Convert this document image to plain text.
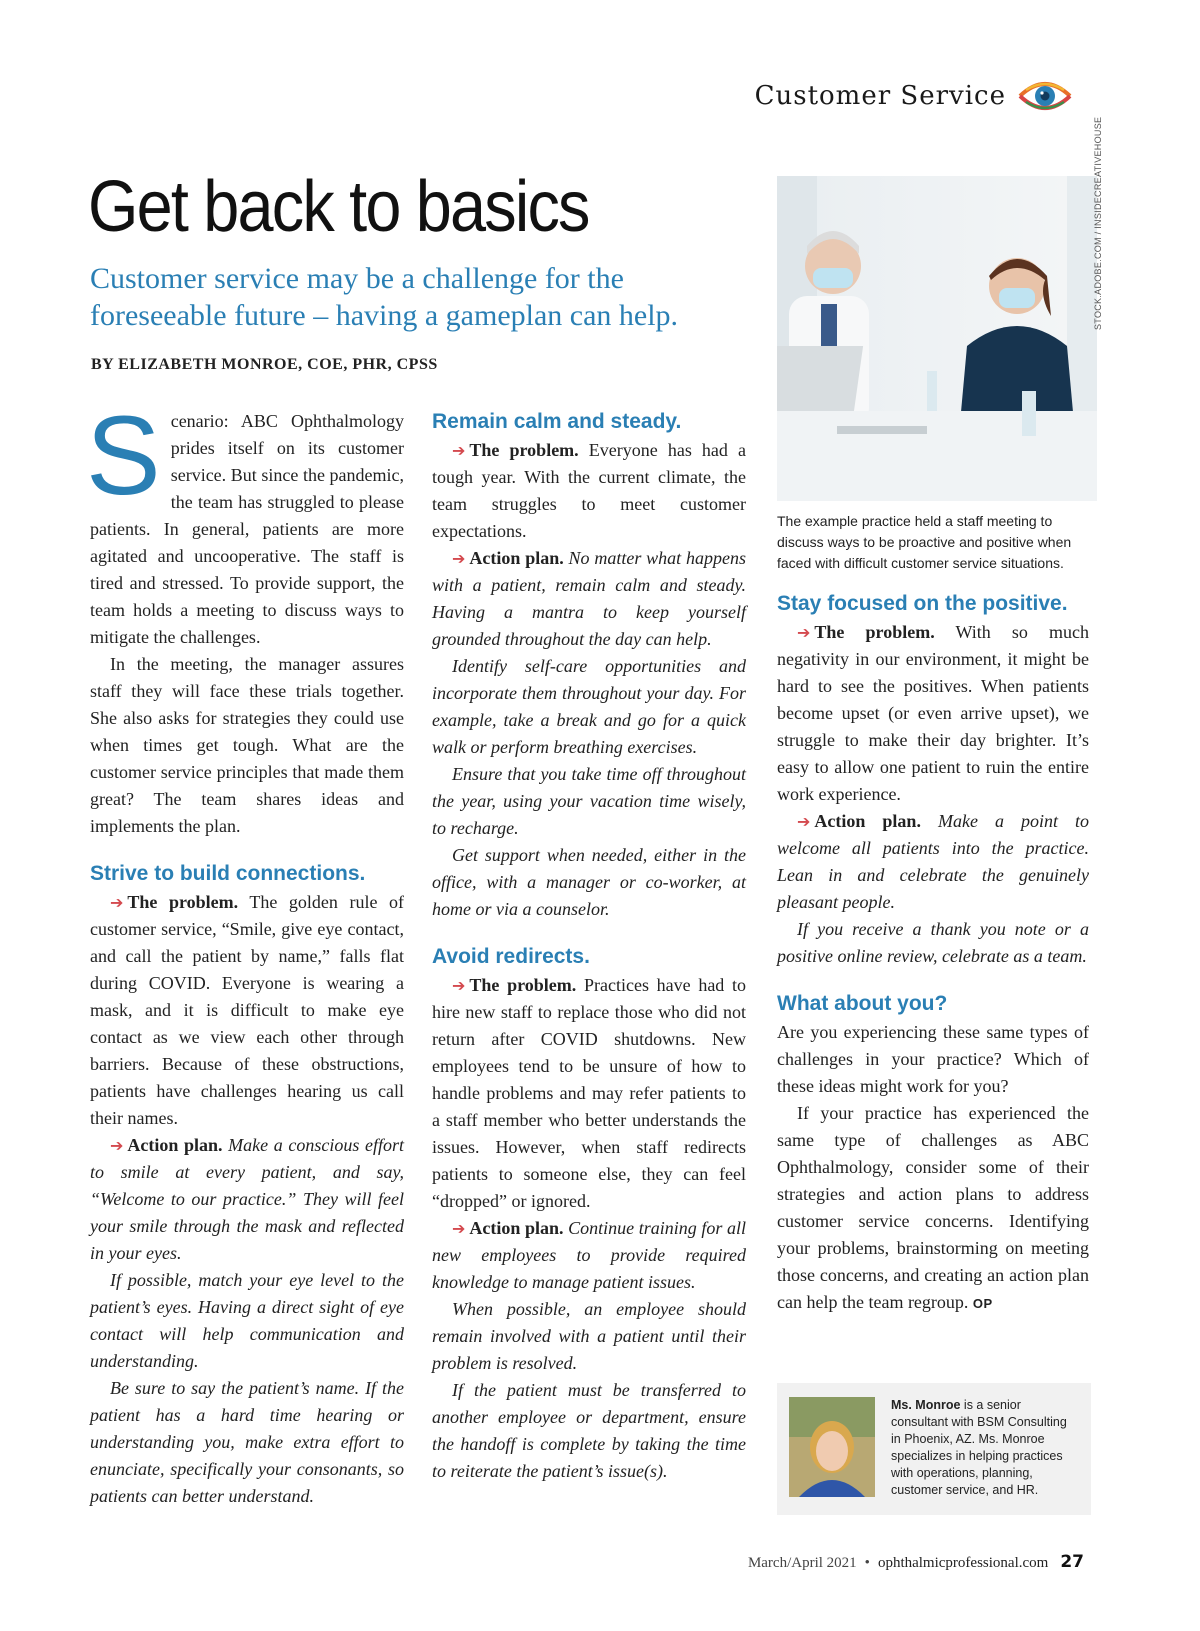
Customer Service
Get back to basics

Customer service may be a challenge for the foreseeable future – having a gameplan can help.

BY ELIZABETH MONROE, COE, PHR, CPSS

Scenario: ABC Ophthalmology prides itself on its customer service. But since the pandemic, the team has struggled to please patients. In general, patients are more agitated and uncooperative. The staff is tired and stressed. To provide support, the team holds a meeting to discuss ways to mitigate the challenges.

In the meeting, the manager assures staff they will face these trials together. She also asks for strategies they could use when times get tough. What are the customer service principles that made them great? The team shares ideas and implements the plan.

Strive to build connections.

➔ The problem. The golden rule of customer service, “Smile, give eye contact, and call the patient by name,” falls flat during COVID. Everyone is wearing a mask, and it is difficult to make eye contact as we view each other through barriers. Because of these obstructions, patients have challenges hearing us call their names.

➔ Action plan. Make a conscious effort to smile at every patient, and say, “Welcome to our practice.” They will feel your smile through the mask and reflected in your eyes.

If possible, match your eye level to the patient’s eyes. Having a direct sight of eye contact will help communication and understanding.

Be sure to say the patient’s name. If the patient has a hard time hearing or understanding you, make extra effort to enunciate, specifically your consonants, so patients can better understand.

Remain calm and steady.

➔ The problem. Everyone has had a tough year. With the current climate, the team struggles to meet customer expectations.

➔ Action plan. No matter what happens with a patient, remain calm and steady. Having a mantra to keep yourself grounded throughout the day can help.

Identify self-care opportunities and incorporate them throughout your day. For example, take a break and go for a quick walk or perform breathing exercises.

Ensure that you take time off throughout the year, using your vacation time wisely, to recharge.

Get support when needed, either in the office, with a manager or co-worker, at home or via a counselor.

Avoid redirects.

➔ The problem. Practices have had to hire new staff to replace those who did not return after COVID shutdowns. New employees tend to be unsure of how to handle problems and may refer patients to a staff member who better understands the issues. However, when staff redirects patients to someone else, they can feel “dropped” or ignored.

➔ Action plan. Continue training for all new employees to provide required knowledge to manage patient issues.

When possible, an employee should remain involved with a patient until their problem is resolved.

If the patient must be transferred to another employee or department, ensure the handoff is complete by taking the time to reiterate the patient’s issue(s).

STOCK.ADOBE.COM / INSIDECREATIVEHOUSE

The example practice held a staff meeting to discuss ways to be proactive and positive when faced with difficult customer service situations.

Stay focused on the positive.

➔ The problem. With so much negativity in our environment, it might be hard to see the positives. When patients become upset (or even arrive upset), we struggle to make their day brighter. It’s easy to allow one patient to ruin the entire work experience.

➔ Action plan. Make a point to welcome all patients into the practice. Lean in and celebrate the genuinely pleasant people.

If you receive a thank you note or a positive online review, celebrate as a team.

What about you?

Are you experiencing these same types of challenges in your practice? Which of these ideas might work for you?

If your practice has experienced the same type of challenges as ABC Ophthalmology, consider some of their strategies and action plans to address customer service concerns. Identifying your problems, brainstorming on meeting those concerns, and creating an action plan can help the team regroup. OP

Ms. Monroe is a senior consultant with BSM Consulting in Phoenix, AZ. Ms. Monroe specializes in helping practices with operations, planning, customer service, and HR.

March/April 2021 • ophthalmicprofessional.com 27
